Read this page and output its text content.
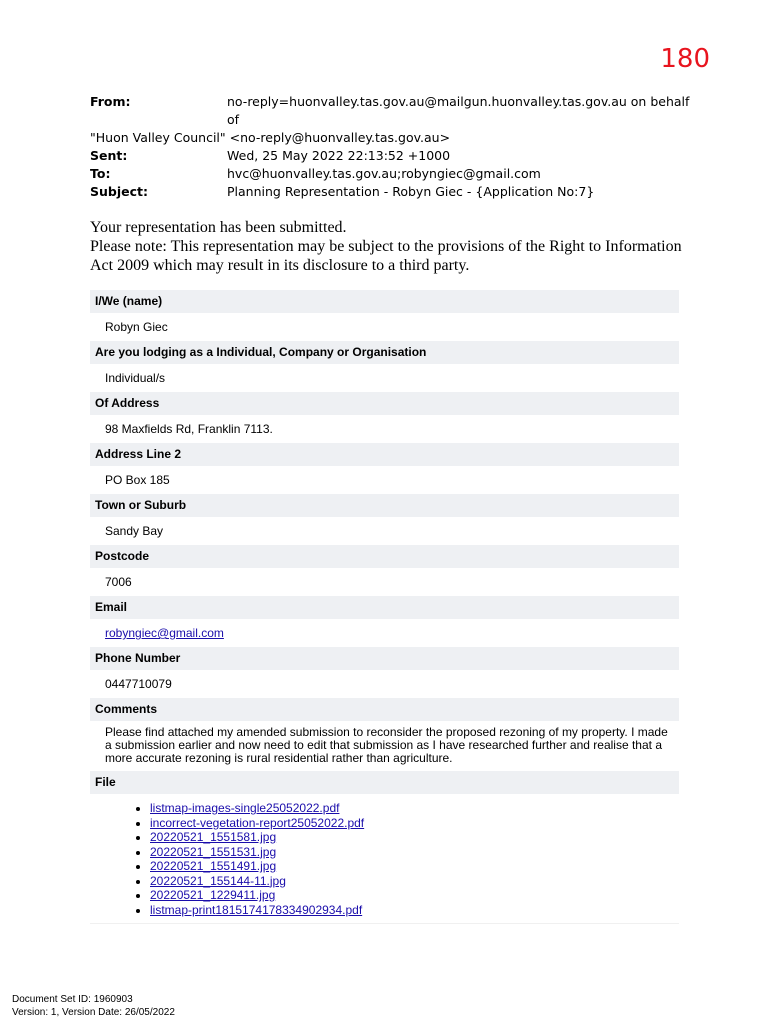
180
From:	no-reply=huonvalley.tas.gov.au@mailgun.huonvalley.tas.gov.au on behalf of
"Huon Valley Council" <no-reply@huonvalley.tas.gov.au>
Sent:	Wed, 25 May 2022 22:13:52 +1000
To:	hvc@huonvalley.tas.gov.au;robyngiec@gmail.com
Subject:	Planning Representation - Robyn Giec - {Application No:7}
Your representation has been submitted.
Please note: This representation may be subject to the provisions of the Right to Information Act 2009 which may result in its disclosure to a third party.
I/We (name)
Robyn Giec
Are you lodging as a Individual, Company or Organisation
Individual/s
Of Address
98 Maxfields Rd, Franklin 7113.
Address Line 2
PO Box 185
Town or Suburb
Sandy Bay
Postcode
7006
Email
robyngiec@gmail.com
Phone Number
0447710079
Comments
Please find attached my amended submission to reconsider the proposed rezoning of my property. I made a submission earlier and now need to edit that submission as I have researched further and realise that a more accurate rezoning is rural residential rather than agriculture.
File
• listmap-images-single25052022.pdf
• incorrect-vegetation-report25052022.pdf
• 20220521_1551581.jpg
• 20220521_1551531.jpg
• 20220521_1551491.jpg
• 20220521_155144-11.jpg
• 20220521_1229411.jpg
• listmap-print1815174178334902934.pdf
Document Set ID: 1960903
Version: 1, Version Date: 26/05/2022
